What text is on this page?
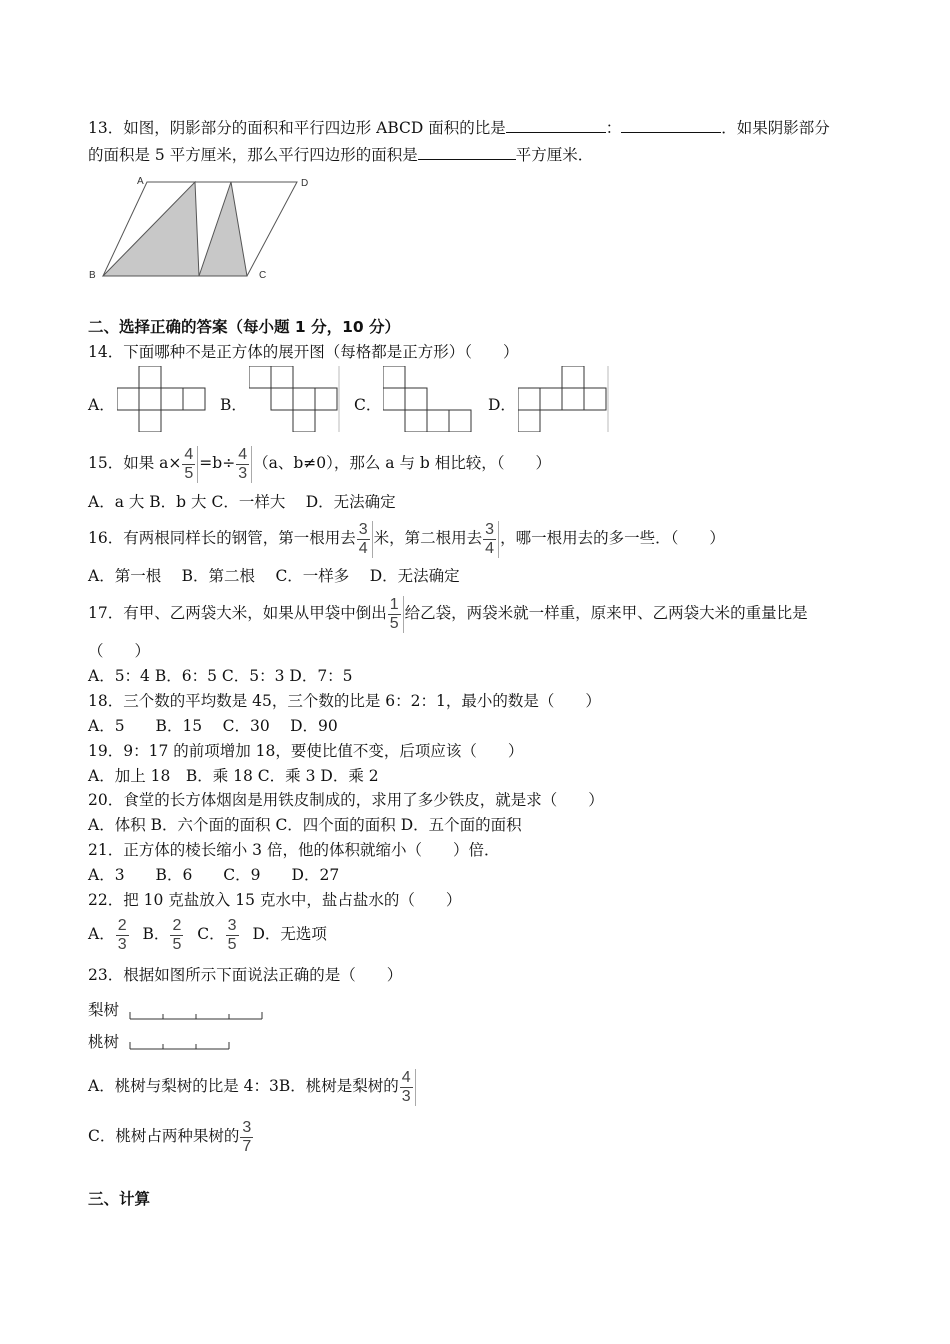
13．如图，阴影部分的面积和平行四边形 ABCD 面积的比是	：	．如果阴影部分
的面积是 5 平方厘米，那么平行四边形的面积是	平方厘米．
A	D
B	C
二、选择正确的答案（每小题 1 分，10 分）
14．下面哪种不是正方体的展开图（每格都是正方形）（　　）
A．	B．	C．	D．
15．如果 $a\times \frac{4}{5} =b\div \frac{4}{3} (a$、b≠0），那么 a 与 b 相比较，（　　）
A．a 大 B．b 大 C．一样大　 D．无法确定
16．有两根同样长的钢管，第一根用去 $\frac{3}{4}$ 米，第二根用去 $\frac{3}{4}$ ，哪一根用去的多一些．（　　）
A．第一根　 B．第二根　 C．一样多　 D．无法确定
17．有甲、乙两袋大米，如果从甲袋中倒出 $\frac{1}{5}$ 给乙袋，两袋米就一样重，原来甲、乙两袋大米的重量比是
（　　）
A．5：4 B．6：5 C．5：3 D．7：5
18．三个数的平均数是 45，三个数的比是 6：2：1，最小的数是（　　）
A．5　　B．15　 C．30　 D．90
19．9：17 的前项增加 18，要使比值不变，后项应该（　　）
A．加上 18　B．乘 18 C．乘 3 D．乘 2
20．食堂的长方体烟囱是用铁皮制成的，求用了多少铁皮，就是求（　　）
A．体积 B．六个面的面积 C．四个面的面积 D．五个面的面积
21．正方体的棱长缩小 3 倍，他的体积就缩小（　　）倍．
A．3　　B．6　　C．9　　D．27
22．把 10 克盐放入 15 克水中，盐占盐水的（　　）
A． $\frac{2}{3}$ B． $\frac{2}{5}$ C． $\frac{3}{5}$ D．无选项
23．根据如图所示下面说法正确的是（　　）
梨树
桃树
A．桃树与梨树的比是 4：3B．桃树是梨树的 $\frac{4}{3}$
C．桃树占两种果树的 $\frac{3}{7}$
三、计算
